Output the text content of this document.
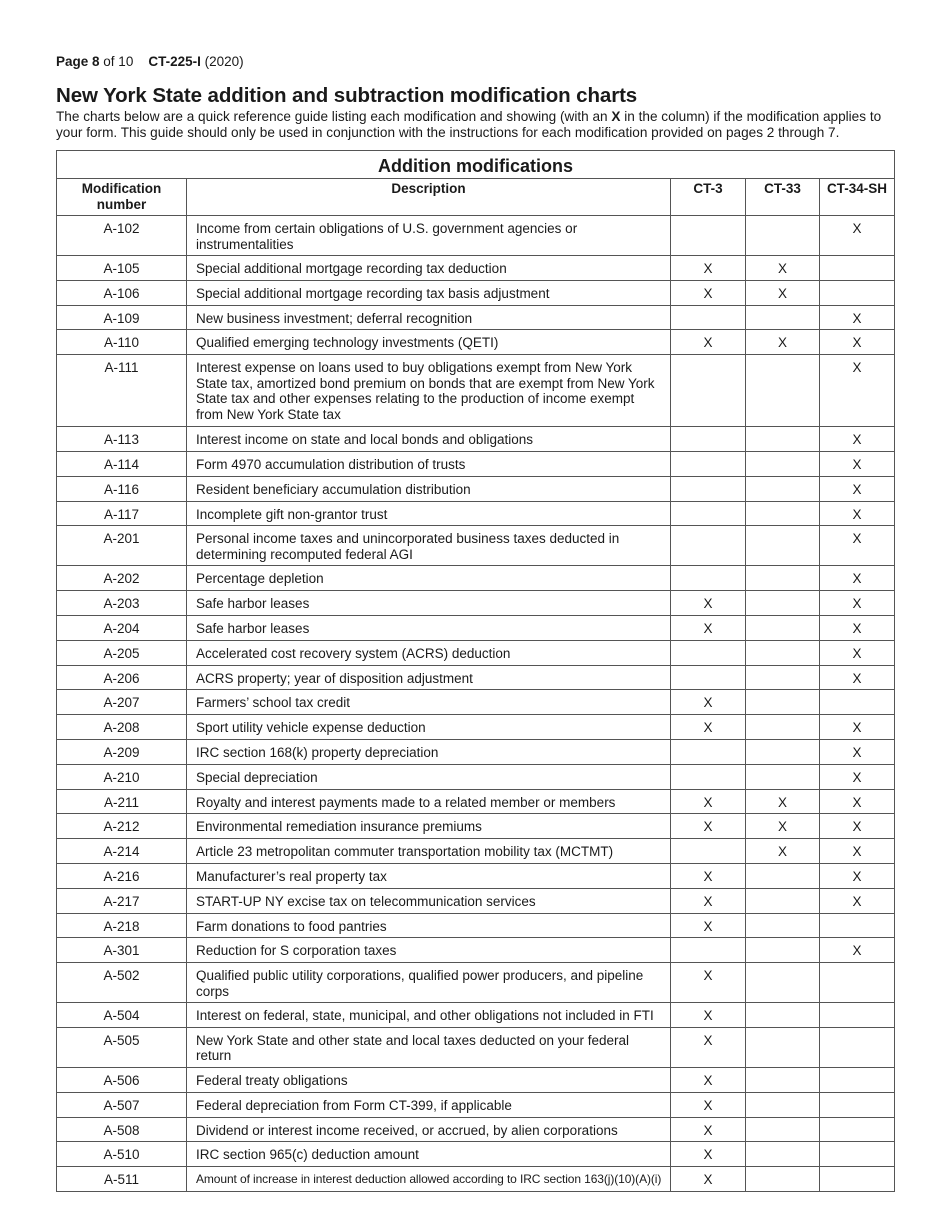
Page 8 of 10 CT-225-I (2020)
New York State addition and subtraction modification charts

The charts below are a quick reference guide listing each modification and showing (with an X in the column) if the modification applies to your form. This guide should only be used in conjunction with the instructions for each modification provided on pages 2 through 7.

Addition modifications				
Modification number	Description	CT-3	CT-33	CT-34-SH
A-102	Income from certain obligations of U.S. government agencies or instrumentalities			X
A-105	Special additional mortgage recording tax deduction	X	X	
A-106	Special additional mortgage recording tax basis adjustment	X	X	
A-109	New business investment; deferral recognition			X
A-110	Qualified emerging technology investments (QETI)	X	X	X
A-111	Interest expense on loans used to buy obligations exempt from New York State tax, amortized bond premium on bonds that are exempt from New York State tax and other expenses relating to the production of income exempt from New York State tax			X
A-113	Interest income on state and local bonds and obligations			X
A-114	Form 4970 accumulation distribution of trusts			X
A-116	Resident beneficiary accumulation distribution			X
A-117	Incomplete gift non-grantor trust			X
A-201	Personal income taxes and unincorporated business taxes deducted in determining recomputed federal AGI			X
A-202	Percentage depletion			X
A-203	Safe harbor leases	X		X
A-204	Safe harbor leases	X		X
A-205	Accelerated cost recovery system (ACRS) deduction			X
A-206	ACRS property; year of disposition adjustment			X
A-207	Farmers’ school tax credit	X		
A-208	Sport utility vehicle expense deduction	X		X
A-209	IRC section 168(k) property depreciation			X
A-210	Special depreciation			X
A-211	Royalty and interest payments made to a related member or members	X	X	X
A-212	Environmental remediation insurance premiums	X	X	X
A-214	Article 23 metropolitan commuter transportation mobility tax (MCTMT)		X	X
A-216	Manufacturer’s real property tax	X		X
A-217	START-UP NY excise tax on telecommunication services	X		X
A-218	Farm donations to food pantries	X		
A-301	Reduction for S corporation taxes			X
A-502	Qualified public utility corporations, qualified power producers, and pipeline corps	X		
A-504	Interest on federal, state, municipal, and other obligations not included in FTI	X		
A-505	New York State and other state and local taxes deducted on your federal return	X		
A-506	Federal treaty obligations	X		
A-507	Federal depreciation from Form CT-399, if applicable	X		
A-508	Dividend or interest income received, or accrued, by alien corporations	X		
A-510	IRC section 965(c) deduction amount	X		
A-511	Amount of increase in interest deduction allowed according to IRC section 163(j)(10)(A)(i)	X		
